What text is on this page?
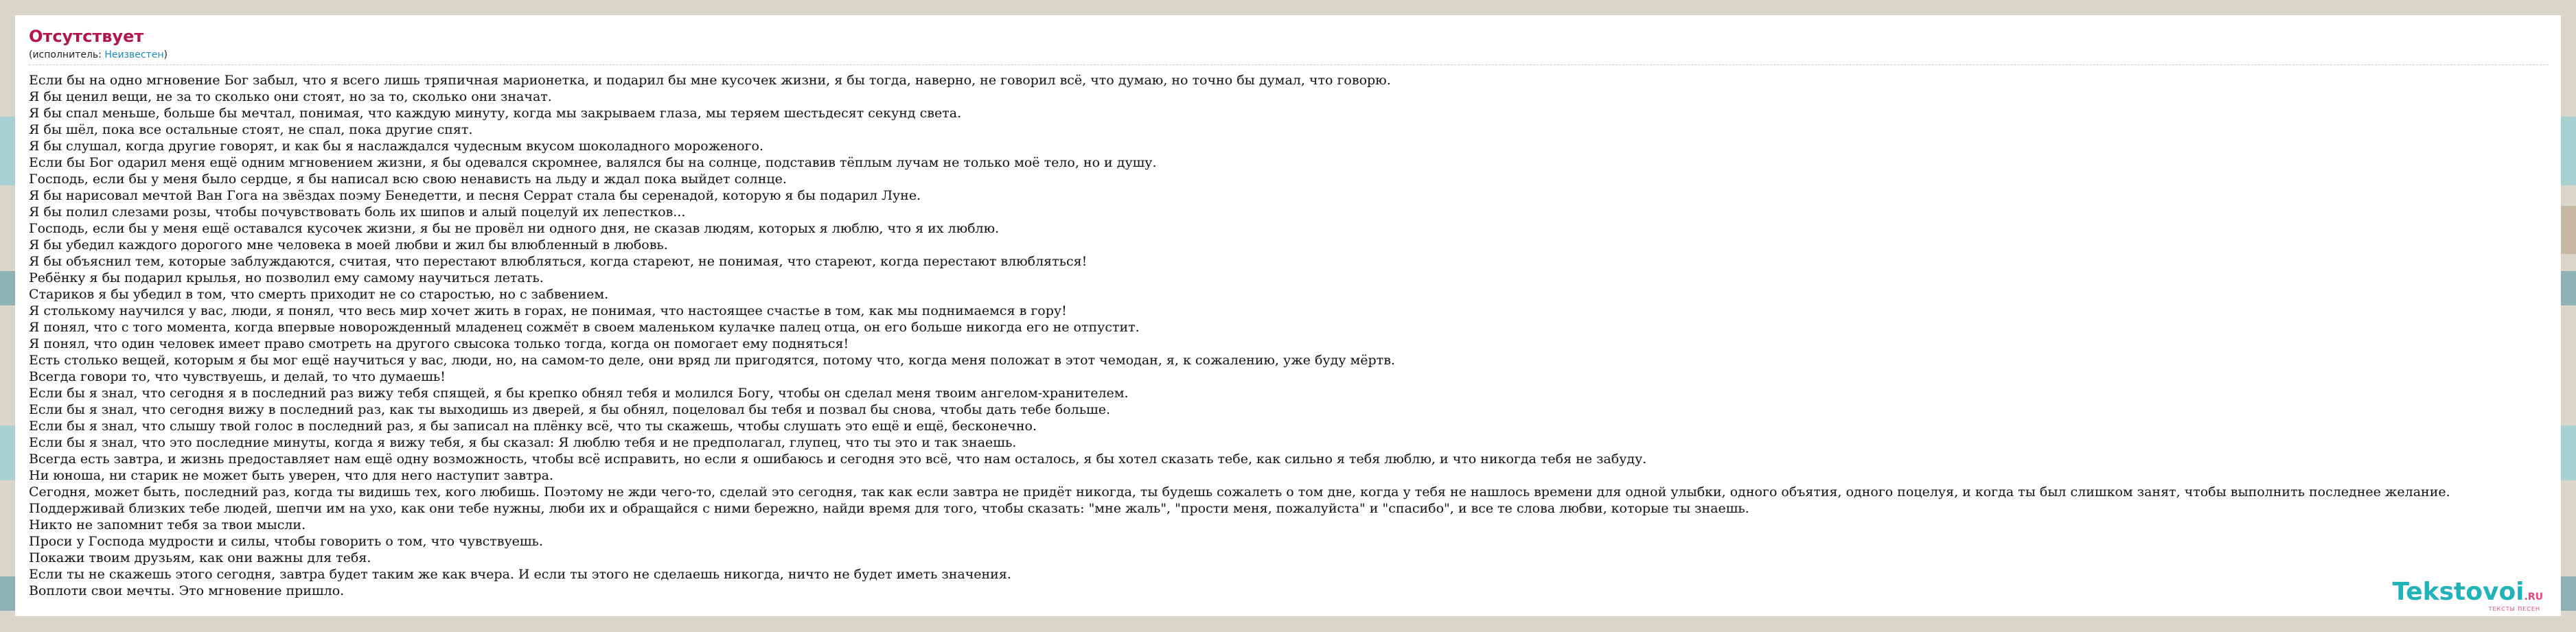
Отсутствует
(исполнитель: Неизвестен)
Если бы на одно мгновение Бог забыл, что я всего лишь тряпичная марионетка, и подарил бы мне кусочек жизни, я бы тогда, наверно, не говорил всё, что думаю, но точно бы думал, что говорю.
Я бы ценил вещи, не за то сколько они стоят, но за то, сколько они значат.
Я бы спал меньше, больше бы мечтал, понимая, что каждую минуту, когда мы закрываем глаза, мы теряем шестьдесят секунд света.
Я бы шёл, пока все остальные стоят, не спал, пока другие спят.
Я бы слушал, когда другие говорят, и как бы я наслаждался чудесным вкусом шоколадного мороженого.
Если бы Бог одарил меня ещё одним мгновением жизни, я бы одевался скромнее, валялся бы на солнце, подставив тёплым лучам не только моё тело, но и душу.
Господь, если бы у меня было сердце, я бы написал всю свою ненависть на льду и ждал пока выйдет солнце.
Я бы нарисовал мечтой Ван Гога на звёздах поэму Бенедетти, и песня Серрат стала бы серенадой, которую я бы подарил Луне.
Я бы полил слезами розы, чтобы почувствовать боль их шипов и алый поцелуй их лепестков...
Господь, если бы у меня ещё оставался кусочек жизни, я бы не провёл ни одного дня, не сказав людям, которых я люблю, что я их люблю.
Я бы убедил каждого дорогого мне человека в моей любви и жил бы влюбленный в любовь.
Я бы объяснил тем, которые заблуждаются, считая, что перестают влюбляться, когда стареют, не понимая, что стареют, когда перестают влюбляться!
Ребёнку я бы подарил крылья, но позволил ему самому научиться летать.
Стариков я бы убедил в том, что смерть приходит не со старостью, но с забвением.
Я столькому научился у вас, люди, я понял, что весь мир хочет жить в горах, не понимая, что настоящее счастье в том, как мы поднимаемся в гору!
Я понял, что с того момента, когда впервые новорожденный младенец сожмёт в своем маленьком кулачке палец отца, он его больше никогда его не отпустит.
Я понял, что один человек имеет право смотреть на другого свысока только тогда, когда он помогает ему подняться!
Есть столько вещей, которым я бы мог ещё научиться у вас, люди, но, на самом-то деле, они вряд ли пригодятся, потому что, когда меня положат в этот чемодан, я, к сожалению, уже буду мёртв.
Всегда говори то, что чувствуешь, и делай, то что думаешь!
Если бы я знал, что сегодня я в последний раз вижу тебя спящей, я бы крепко обнял тебя и молился Богу, чтобы он сделал меня твоим ангелом-хранителем.
Если бы я знал, что сегодня вижу в последний раз, как ты выходишь из дверей, я бы обнял, поцеловал бы тебя и позвал бы снова, чтобы дать тебе больше.
Если бы я знал, что слышу твой голос в последний раз, я бы записал на плёнку всё, что ты скажешь, чтобы слушать это ещё и ещё, бесконечно.
Если бы я знал, что это последние минуты, когда я вижу тебя, я бы сказал: Я люблю тебя и не предполагал, глупец, что ты это и так знаешь.
Всегда есть завтра, и жизнь предоставляет нам ещё одну возможность, чтобы всё исправить, но если я ошибаюсь и сегодня это всё, что нам осталось, я бы хотел сказать тебе, как сильно я тебя люблю, и что никогда тебя не забуду.
Ни юноша, ни старик не может быть уверен, что для него наступит завтра.
Сегодня, может быть, последний раз, когда ты видишь тех, кого любишь. Поэтому не жди чего-то, сделай это сегодня, так как если завтра не придёт никогда, ты будешь сожалеть о том дне, когда у тебя не нашлось времени для одной улыбки, одного объятия, одного поцелуя, и когда ты был слишком занят, чтобы выполнить последнее желание.
Поддерживай близких тебе людей, шепчи им на ухо, как они тебе нужны, люби их и обращайся с ними бережно, найди время для того, чтобы сказать: "мне жаль", "прости меня, пожалуйста" и "спасибо", и все те слова любви, которые ты знаешь.
Никто не запомнит тебя за твои мысли.
Проси у Господа мудрости и силы, чтобы говорить о том, что чувствуешь.
Покажи твоим друзьям, как они важны для тебя.
Если ты не скажешь этого сегодня, завтра будет таким же как вчера. И если ты этого не сделаешь никогда, ничто не будет иметь значения.
Воплоти свои мечты. Это мгновение пришло.	Tekstovoi.RU
ТЕКСТЫ ПЕСЕН
